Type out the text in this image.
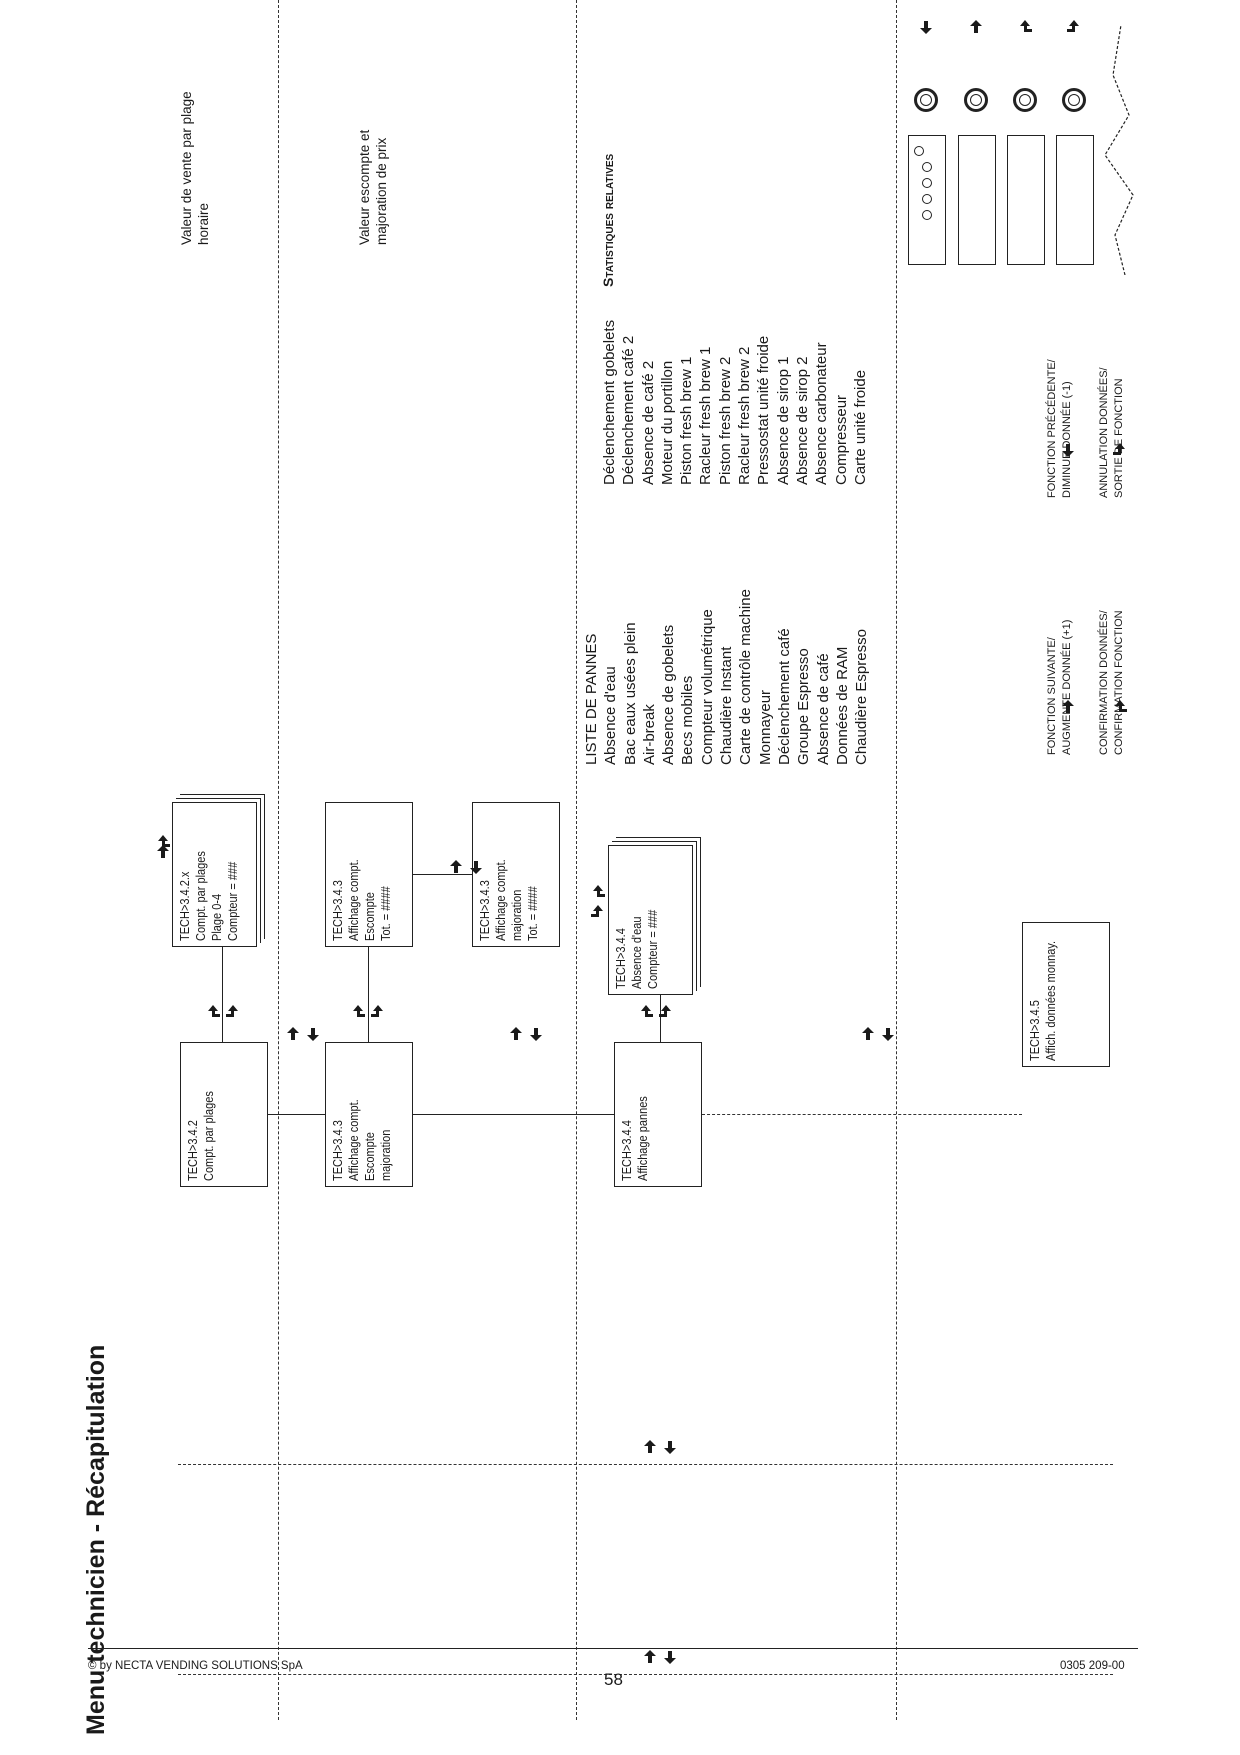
Menu technicien - Récapitulation
TECH>3.4.2 Compt. par plages
TECH>3.4.2.x Compt. par plages Plage 0-4 Compteur = ###
TECH>3.4.3 Affichage compt. Escompte majoration
TECH>3.4.3 Affichage compt. Escompte Tot. = ####	TECH>3.4.3 Affichage compt. majoration Tot. = ####
TECH>3.4.4 Affichage pannes
TECH>3.4.4 Absence d'eau Compteur = ###
TECH>3.4.5 Affich. données monnay.
Valeur de vente par plage horaire	Valeur escompte et majoration de prix
LISTE DE PANNES Absence d'eau Bac eaux usées plein Air-break Absence de gobelets Becs mobiles Compteur volumétrique Chaudière Instant Carte de contrôle machine Monnayeur Déclenchement café Groupe Espresso Absence de café Données de RAM Chaudière Espresso
Déclenchement gobelets Déclenchement café 2 Absence de café 2 Moteur du portillon Piston fresh brew 1 Racleur fresh brew 1 Piston fresh brew 2 Racleur fresh brew 2 Pressostat unité froide Absence de sirop 1 Absence de sirop 2 Absence carbonateur Compresseur Carte unité froide
Statistiques relatives
FONCTION SUIVANTE/ AUGMENTE DONNÉE (+1) CONFIRMATION DONNÉES/ CONFIRMATION FONCTION
FONCTION PRÉCÉDENTE/ DIMINUE DONNÉE (-1) ANNULATION DONNÉES/ SORTIE DE FONCTION
© by NECTA VENDING SOLUTIONS SpA	0305 209-00
58
